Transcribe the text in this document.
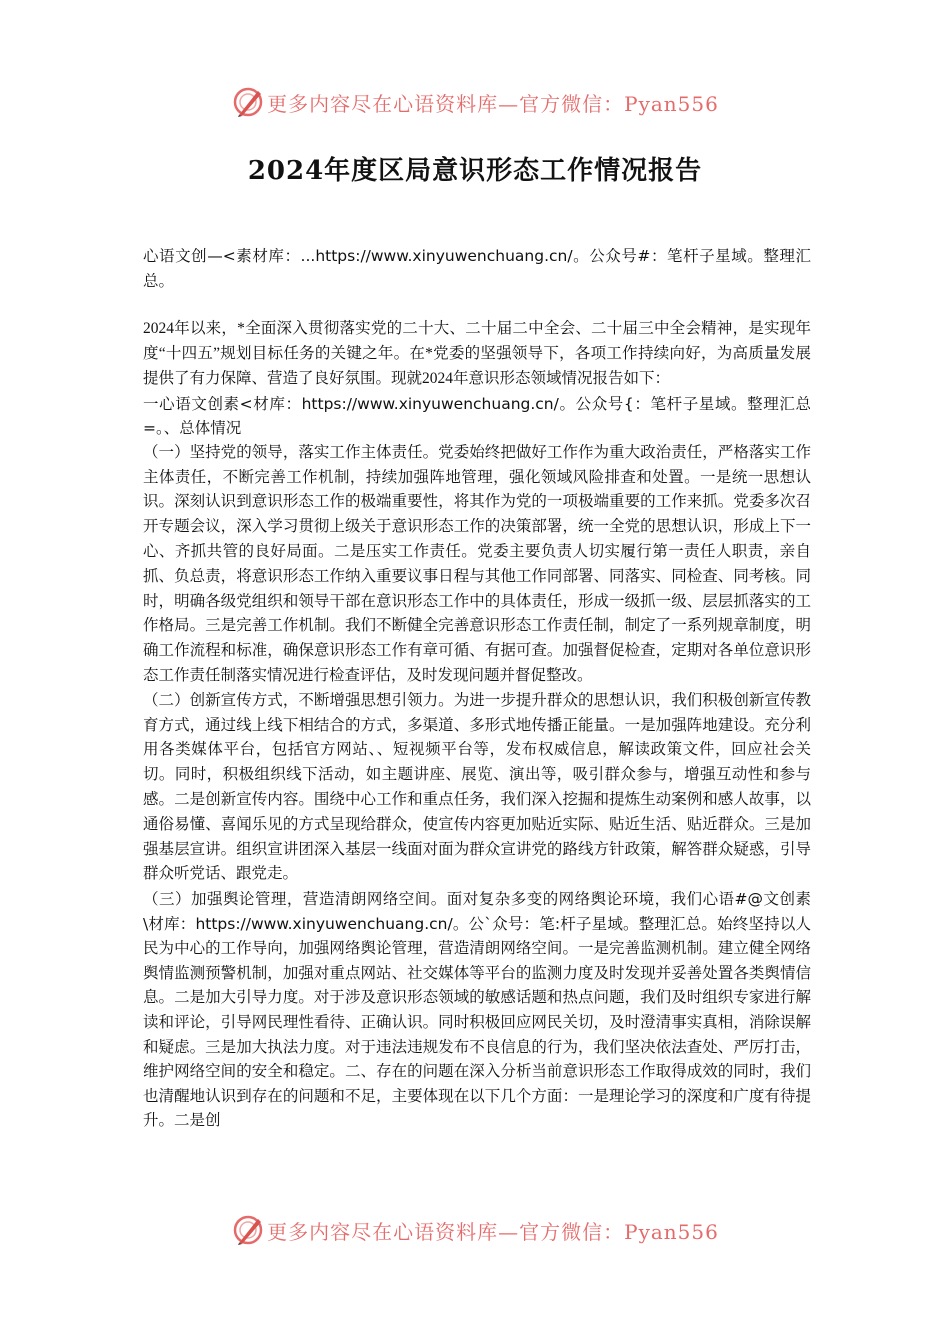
更多内容尽在心语资料库—官方微信：Pyan556
2024年度区局意识形态工作情况报告

心语文创—<素材库：...https://www.xinyuwenchuang.cn/。公众号#：笔杆子星域。整理汇总。

2024年以来，*全面深入贯彻落实党的二十大、二十届二中全会、二十届三中全会精神，是实现年度“十四五”规划目标任务的关键之年。在*党委的坚强领导下，各项工作持续向好，为高质量发展提供了有力保障、营造了良好氛围。现就2024年意识形态领域情况报告如下：

一心语文创素<材库：https://www.xinyuwenchuang.cn/。公众号{：笔杆子星域。整理汇总=。、总体情况

（一）坚持党的领导，落实工作主体责任。党委始终把做好工作作为重大政治责任，严格落实工作主体责任，不断完善工作机制，持续加强阵地管理，强化领域风险排查和处置。一是统一思想认识。深刻认识到意识形态工作的极端重要性，将其作为党的一项极端重要的工作来抓。党委多次召开专题会议，深入学习贯彻上级关于意识形态工作的决策部署，统一全党的思想认识，形成上下一心、齐抓共管的良好局面。二是压实工作责任。党委主要负责人切实履行第一责任人职责，亲自抓、负总责，将意识形态工作纳入重要议事日程与其他工作同部署、同落实、同检查、同考核。同时，明确各级党组织和领导干部在意识形态工作中的具体责任，形成一级抓一级、层层抓落实的工作格局。三是完善工作机制。我们不断健全完善意识形态工作责任制，制定了一系列规章制度，明确工作流程和标准，确保意识形态工作有章可循、有据可查。加强督促检查，定期对各单位意识形态工作责任制落实情况进行检查评估，及时发现问题并督促整改。

（二）创新宣传方式，不断增强思想引领力。为进一步提升群众的思想认识，我们积极创新宣传教育方式，通过线上线下相结合的方式，多渠道、多形式地传播正能量。一是加强阵地建设。充分利用各类媒体平台，包括官方网站、、短视频平台等，发布权威信息，解读政策文件，回应社会关切。同时，积极组织线下活动，如主题讲座、展览、演出等，吸引群众参与，增强互动性和参与感。二是创新宣传内容。围绕中心工作和重点任务，我们深入挖掘和提炼生动案例和感人故事，以通俗易懂、喜闻乐见的方式呈现给群众，使宣传内容更加贴近实际、贴近生活、贴近群众。三是加强基层宣讲。组织宣讲团深入基层一线面对面为群众宣讲党的路线方针政策，解答群众疑惑，引导群众听党话、跟党走。

（三）加强舆论管理，营造清朗网络空间。面对复杂多变的网络舆论环境，我们心语#@文创素\材库：https://www.xinyuwenchuang.cn/。公`众号：笔:杆子星域。整理汇总。始终坚持以人民为中心的工作导向，加强网络舆论管理，营造清朗网络空间。一是完善监测机制。建立健全网络舆情监测预警机制，加强对重点网站、社交媒体等平台的监测力度及时发现并妥善处置各类舆情信息。二是加大引导力度。对于涉及意识形态领域的敏感话题和热点问题，我们及时组织专家进行解读和评论，引导网民理性看待、正确认识。同时积极回应网民关切，及时澄清事实真相，消除误解和疑虑。三是加大执法力度。对于违法违规发布不良信息的行为，我们坚决依法查处、严厉打击，维护网络空间的安全和稳定。二、存在的问题在深入分析当前意识形态工作取得成效的同时，我们也清醒地认识到存在的问题和不足，主要体现在以下几个方面：一是理论学习的深度和广度有待提升。二是创

更多内容尽在心语资料库—官方微信：Pyan556
